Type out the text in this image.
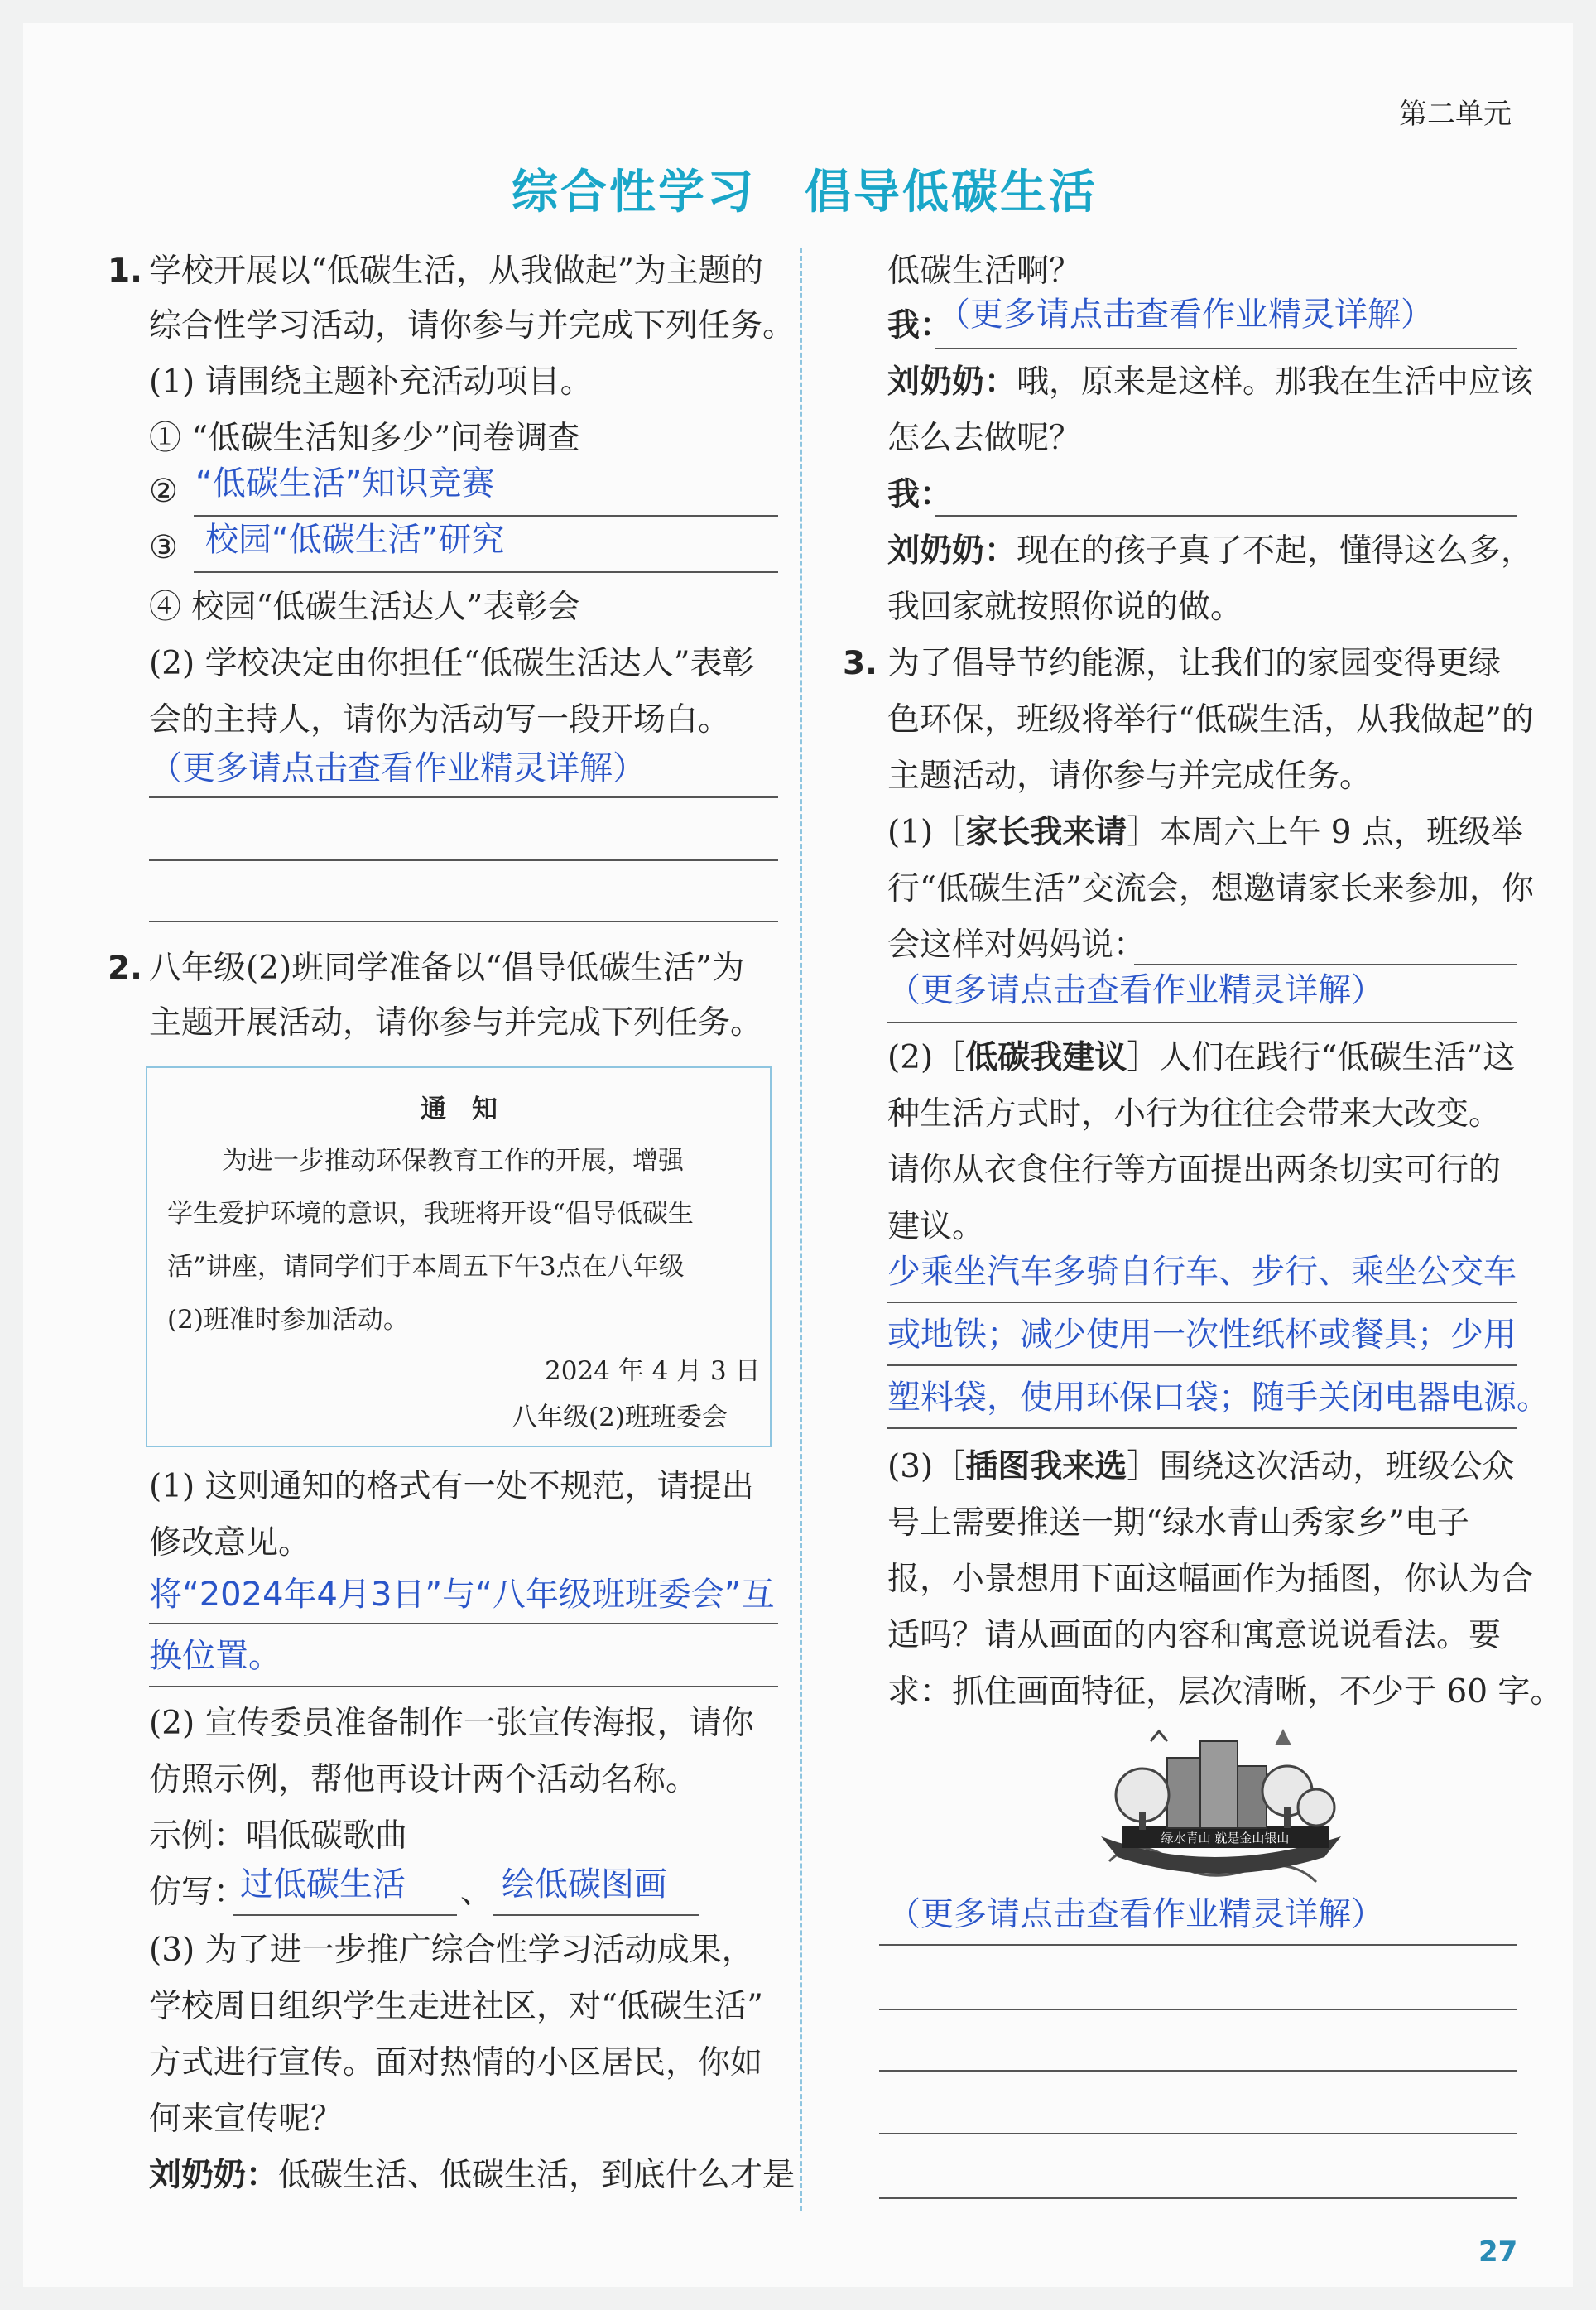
第二单元
综合性学习　倡导低碳生活
1. 学校开展以“低碳生活，从我做起”为主题的
综合性学习活动，请你参与并完成下列任务。
(1) 请围绕主题补充活动项目。
① “低碳生活知多少”问卷调查
② “低碳生活”知识竞赛
③ 校园“低碳生活”研究
④ 校园“低碳生活达人”表彰会
(2) 学校决定由你担任“低碳生活达人”表彰
会的主持人，请你为活动写一段开场白。
（更多请点击查看作业精灵详解）
2. 八年级(2)班同学准备以“倡导低碳生活”为
主题开展活动，请你参与并完成下列任务。
通　知
为进一步推动环保教育工作的开展，增强
学生爱护环境的意识，我班将开设“倡导低碳生
活”讲座，请同学们于本周五下午3点在八年级
(2)班准时参加活动。
2024 年 4 月 3 日
八年级(2)班班委会
(1) 这则通知的格式有一处不规范，请提出
修改意见。
将“2024年4月3日”与“八年级班班委会”互
换位置。
(2) 宣传委员准备制作一张宣传海报，请你
仿照示例，帮他再设计两个活动名称。
示例：唱低碳歌曲
仿写：
过低碳生活 、 绘低碳图画
(3) 为了进一步推广综合性学习活动成果，
学校周日组织学生走进社区，对“低碳生活”
方式进行宣传。面对热情的小区居民，你如
何来宣传呢？
刘奶奶： 低碳生活、低碳生活，到底什么才是
低碳生活啊？
我：
（更多请点击查看作业精灵详解）
刘奶奶： 哦，原来是这样。那我在生活中应该
怎么去做呢？
我：
刘奶奶： 现在的孩子真了不起，懂得这么多，
我回家就按照你说的做。
3. 为了倡导节约能源，让我们的家园变得更绿
色环保，班级将举行“低碳生活，从我做起”的
主题活动，请你参与并完成任务。
(1)［家长我来请］本周六上午 9 点，班级举
行“低碳生活”交流会，想邀请家长来参加，你
会这样对妈妈说：
（更多请点击查看作业精灵详解）
(2)［低碳我建议］人们在践行“低碳生活”这
种生活方式时，小行为往往会带来大改变。
请你从衣食住行等方面提出两条切实可行的
建议。
少乘坐汽车多骑自行车、步行、乘坐公交车
或地铁；减少使用一次性纸杯或餐具；少用
塑料袋，使用环保口袋；随手关闭电器电源。
(3)［插图我来选］围绕这次活动，班级公众
号上需要推送一期“绿水青山秀家乡”电子
报，小景想用下面这幅画作为插图，你认为合
适吗？请从画面的内容和寓意说说看法。要
求：抓住画面特征，层次清晰，不少于 60 字。
绿水青山 就是金山银山
（更多请点击查看作业精灵详解）
27
